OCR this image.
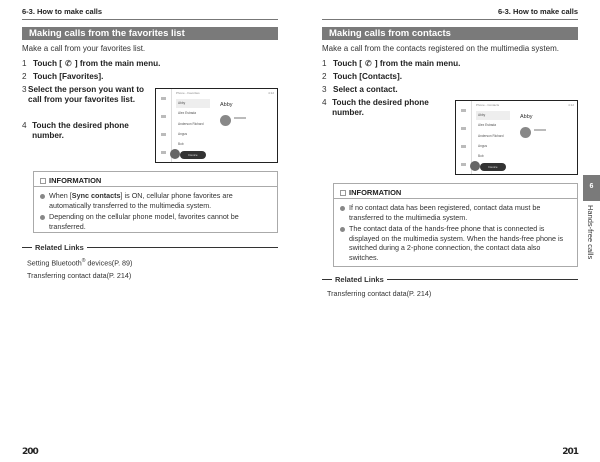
6-3. How to make calls
Making calls from the favorites list
Make a call from your favorites list.
1 Touch [ ✆ ] from the main menu.
2 Touch [Favorites].
3 Select the person you want to call from your favorites list.
4 Touch the desired phone number.
Phone - Favorites	4:12
Abby
Alex Estrada
Anderson Richard
Angus
Bob
Abby
Device
INFORMATION
When [Sync contacts] is ON, cellular phone favorites are automatically transferred to the multimedia system.
Depending on the cellular phone model, favorites cannot be transferred.
Related Links
Setting Bluetooth® devices(P. 89)
Transferring contact data(P. 214)
200
6-3. How to make calls
Making calls from contacts
Make a call from the contacts registered on the multimedia system.
1 Touch [ ✆ ] from the main menu.
2 Touch [Contacts].
3 Select a contact.
4 Touch the desired phone number.
Phone - Contacts	4:12
Abby
Alex Estrada
Anderson Richard
Angus
Bob
Abby
Device
INFORMATION
If no contact data has been registered, contact data must be transferred to the multimedia system.
The contact data of the hands-free phone that is connected is displayed on the multimedia system. When the hands-free phone is switched during a 2-phone connection, the contact data also switches.
Related Links
Transferring contact data(P. 214)
201
6
Hands-free calls
